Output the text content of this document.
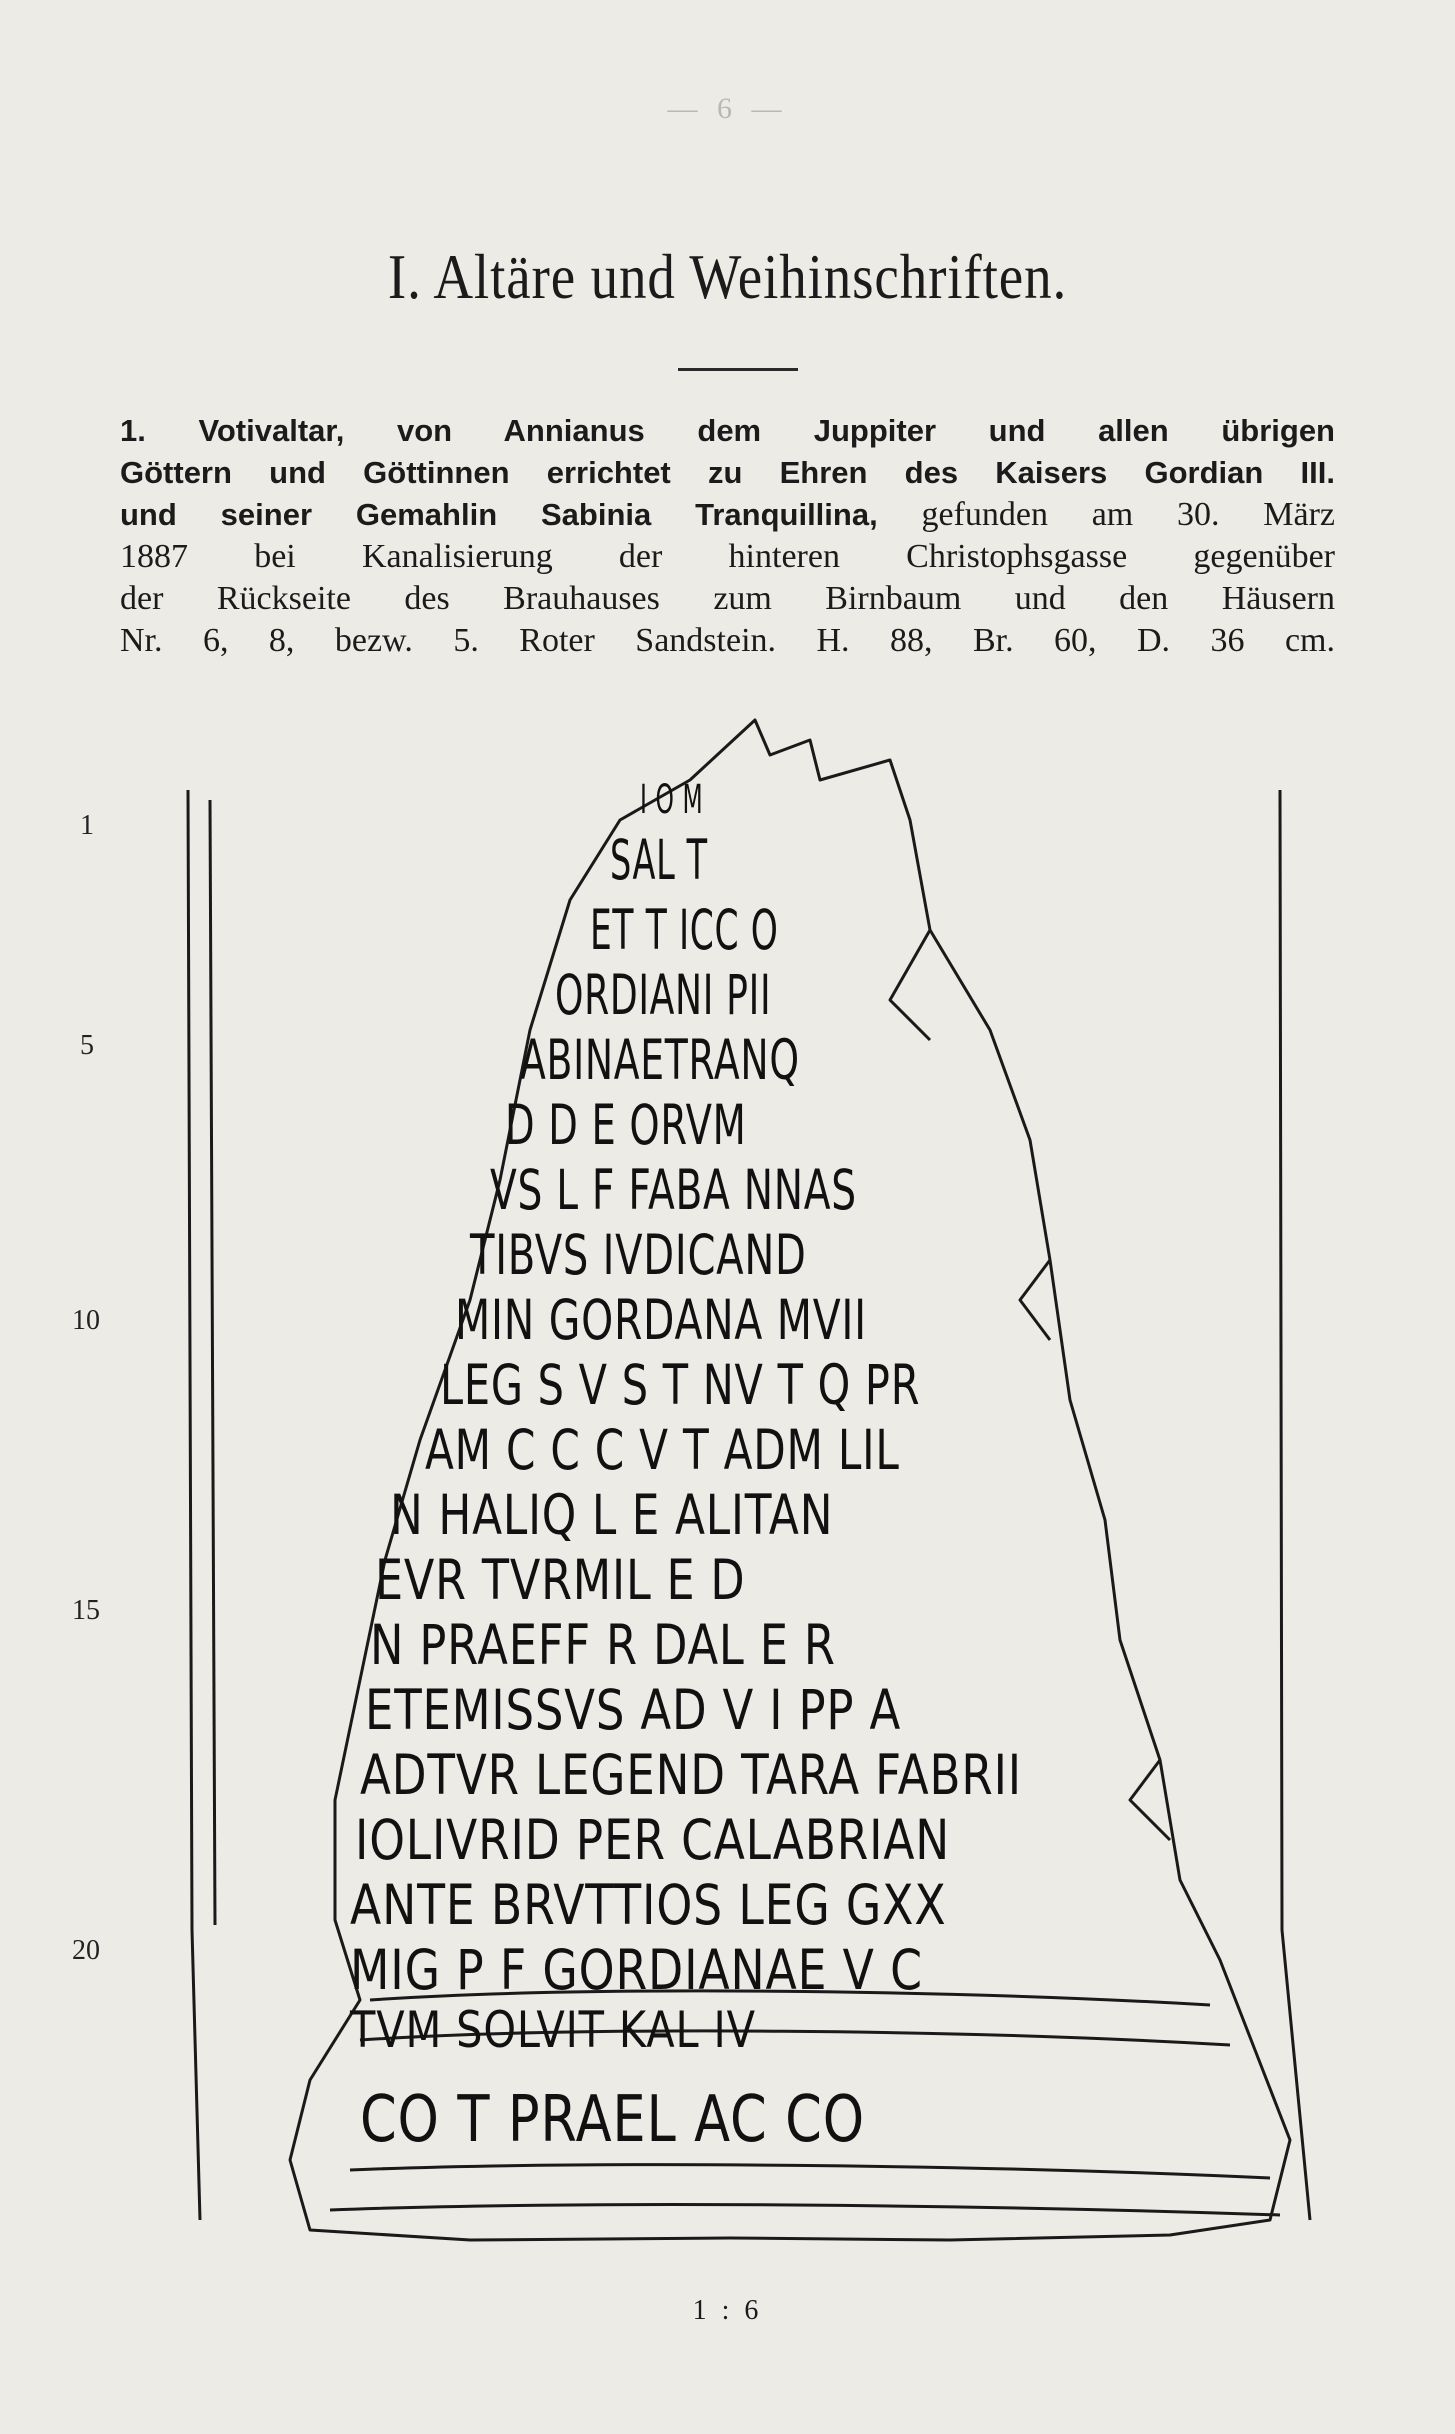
— 6 —
I. Altäre und Weihinschriften.
1. Votivaltar, von Annianus dem Juppiter und allen übrigen
Göttern und Göttinnen errichtet zu Ehren des Kaisers Gordian III.
und seiner Gemahlin Sabinia Tranquillina, gefunden am 30. März
1887 bei Kanalisierung der hinteren Christophsgasse gegenüber
der Rückseite des Brauhauses zum Birnbaum und den Häusern
Nr. 6, 8, bezw. 5. Roter Sandstein. H. 88, Br. 60, D. 36 cm.
1
5
10
15
20
I O M
SAL T
ET T ICC O
ORDIANI PII
ABINAETRANQ
D D E ORVM
VS L F FABA NNAS
TIBVS IVDICAND
MIN GORDANA MVII
LEG S V S T NV T Q PR
AM C C C V T ADM LIL
N HALIQ L E ALITAN
EVR TVRMIL E D
N PRAEFF R DAL E R
ETEMISSVS AD V I PP A
ADTVR LEGEND TARA FABRII
IOLIVRID PER CALABRIAN
ANTE BRVTTIOS LEG GXX
MIG P F GORDIANAE V C
TVM SOLVIT KAL IV
CO T PRAEL AC CO
1 : 6
